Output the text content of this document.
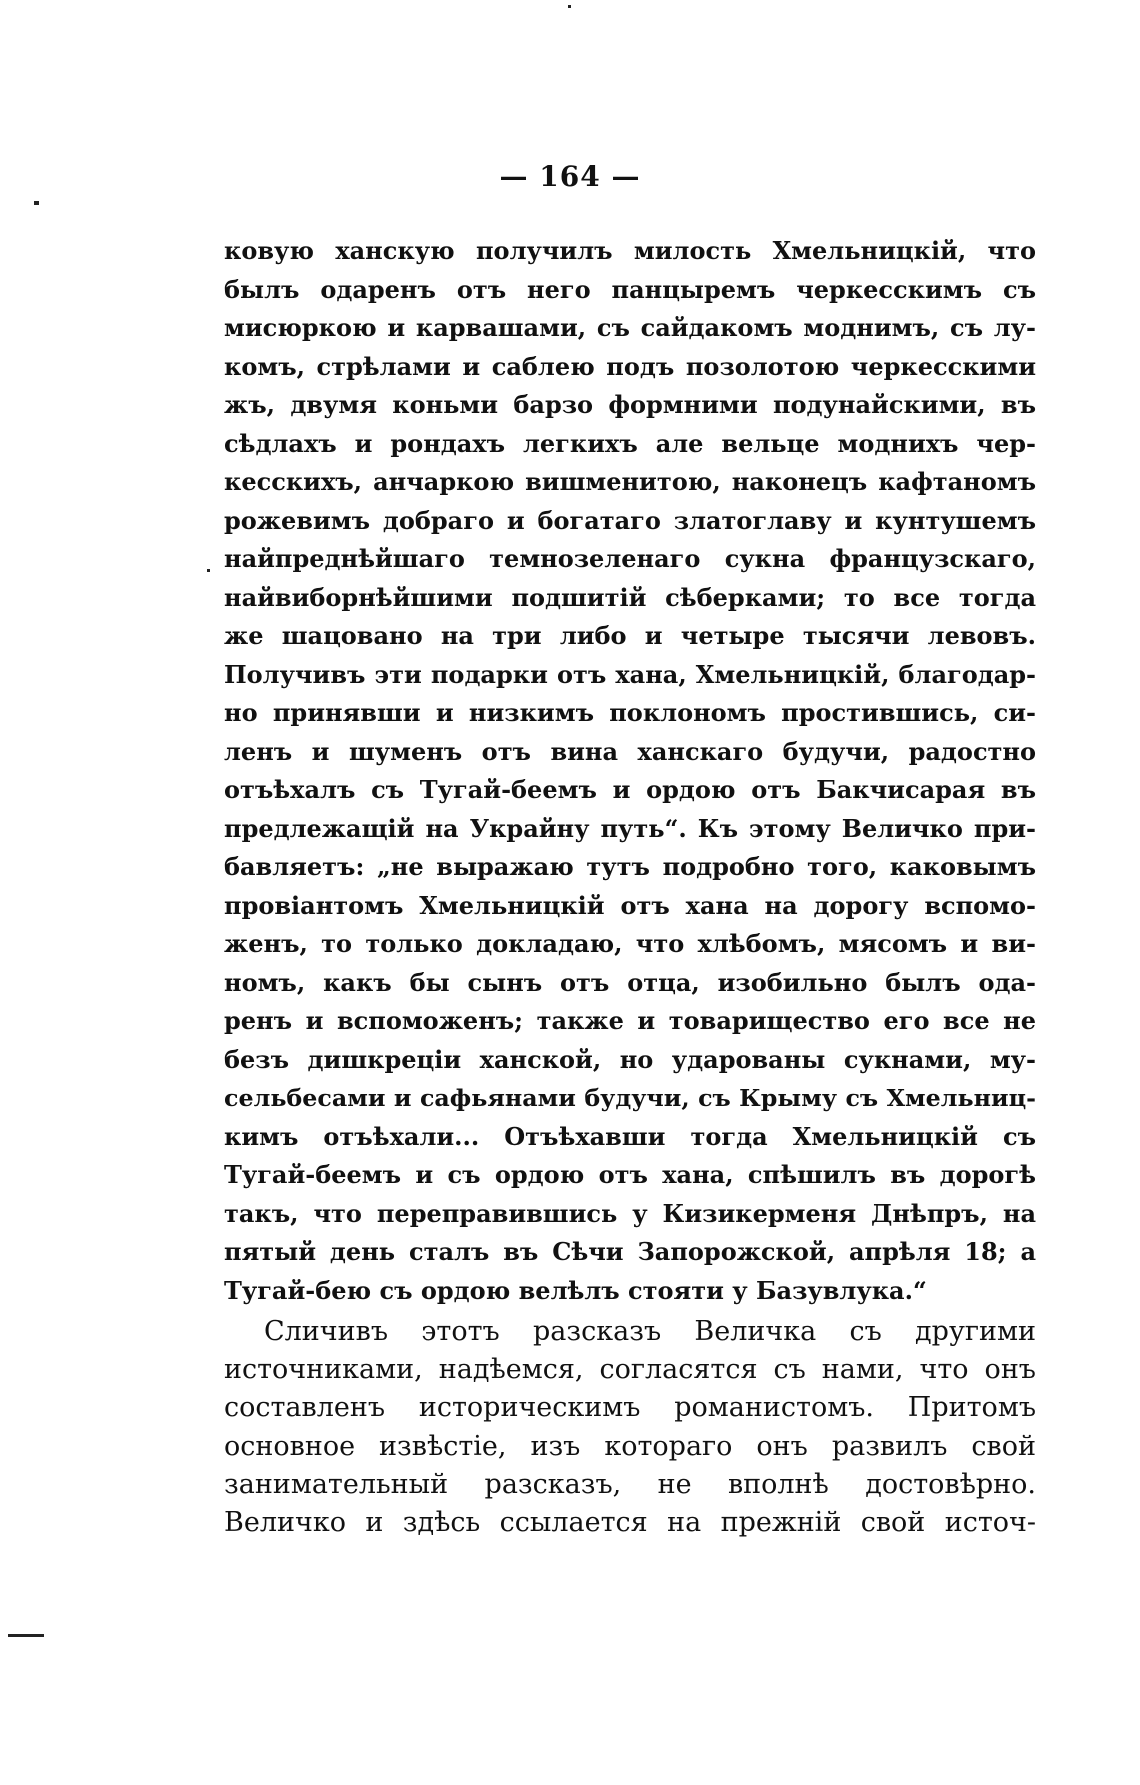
— 164 —
ковую ханскую получилъ милость Хмельницкій, что
былъ одаренъ отъ него панцыремъ черкесскимъ съ
мисюркою и карвашами, съ сайдакомъ моднимъ, съ лу-
комъ, стрѣлами и саблею подъ позолотою черкесскими
жъ, двумя коньми барзо формними подунайскими, въ
сѣдлахъ и рондахъ легкихъ але вельце моднихъ чер-
кесскихъ, анчаркою вишменитою, наконецъ кафтаномъ
рожевимъ добраго и богатаго златоглаву и кунтушемъ
найпреднѣйшаго темнозеленаго сукна французскаго,
найвиборнѣйшими подшитій сѣберками; то все тогда
же шацовано на три либо и четыре тысячи левовъ.
Получивъ эти подарки отъ хана, Хмельницкій, благодар-
но принявши и низкимъ поклономъ простившись, си-
ленъ и шуменъ отъ вина ханскаго будучи, радостно
отъѣхалъ съ Тугай-беемъ и ордою отъ Бакчисарая въ
предлежащій на Украйну путь“. Къ этому Величко при-
бавляетъ: „не выражаю тутъ подробно того, каковымъ
провіантомъ Хмельницкій отъ хана на дорогу вспомо-
женъ, то только докладаю, что хлѣбомъ, мясомъ и ви-
номъ, какъ бы сынъ отъ отца, изобильно былъ ода-
ренъ и вспоможенъ; также и товарищество его все не
безъ дишкреціи ханской, но ударованы сукнами, му-
сельбесами и сафьянами будучи, съ Крыму съ Хмельниц-
кимъ отъѣхали... Отъѣхавши тогда Хмельницкій съ
Тугай-беемъ и съ ордою отъ хана, спѣшилъ въ дорогѣ
такъ, что переправившись у Кизикерменя Днѣпръ, на
пятый день сталъ въ Сѣчи Запорожской, апрѣля 18; а
Тугай-бею съ ордою велѣлъ стояти у Базувлука.“
Сличивъ этотъ разсказъ Величка съ другими
источниками, надѣемся, согласятся съ нами, что онъ
составленъ историческимъ романистомъ. Притомъ
основное извѣстіе, изъ котораго онъ развилъ свой
занимательный разсказъ, не вполнѣ достовѣрно.
Величко и здѣсь ссылается на прежній свой источ-
